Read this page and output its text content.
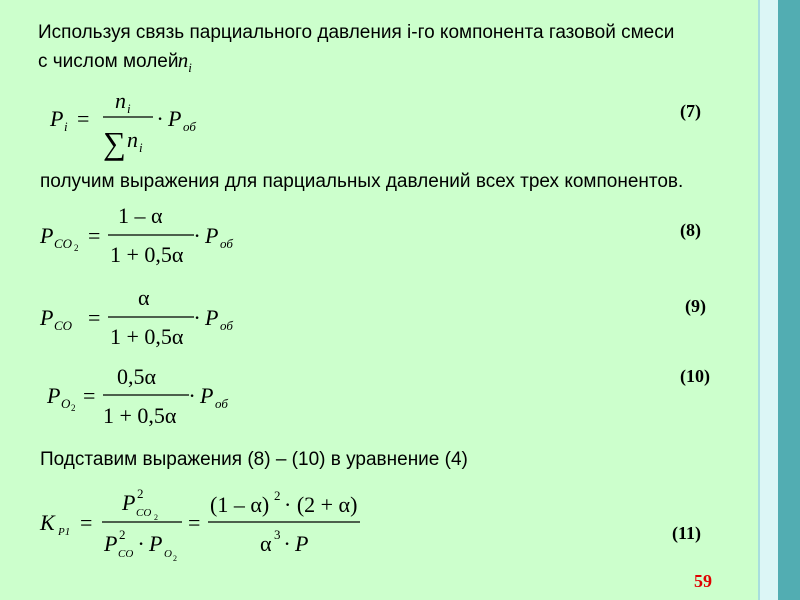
Используя связь парциального давления i-го компонента газовой смеси
с числом молей $n_i$
P i =
n i
∑ n i
· P об
(7)
получим выражения для парциальных давлений всех трех компонентов.
P CO 2 =
1 – α
1 + 0,5α
· P об
(8)
P CO =
α
1 + 0,5α
· P об
(9)
P O 2 =
0,5α
1 + 0,5α
· P об
(10)
Подставим выражения (8) – (10) в уравнение (4)
K P1 =
P 2
CO 2
P 2
CO · P O 2
=
(1 – α) 2 · (2 + α)
α 3 · P	(11)
59
